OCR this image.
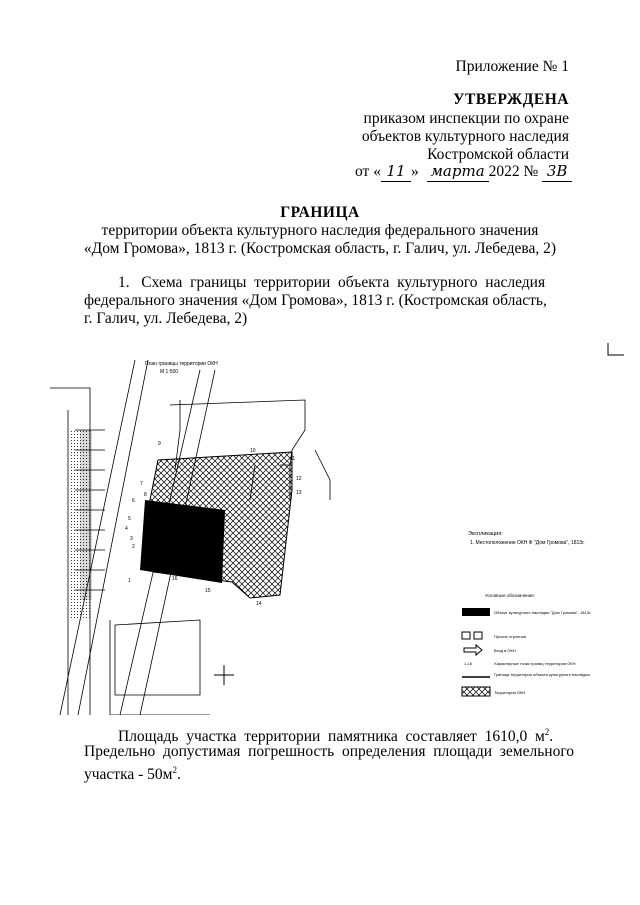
Приложение № 1
УТВЕРЖДЕНА
приказом инспекции по охране
объектов культурного наследия
Костромской области
от « 11 » марта 2022 № 3В
ГРАНИЦА
территории объекта культурного наследия федерального значения
«Дом Громова», 1813 г. (Костромская область, г. Галич, ул. Лебедева, 2)
1.   Схема  границы  территории  объекта  культурного  наследия
федерального значения «Дом Громова», 1813 г. (Костромская область,
г. Галич, ул. Лебедева, 2)
1
2
3
4
5
6
7
8
9
10
11
12
13
14
15
16
План границы территории ОКН
М 1:500
Экспликация:
1. Местоположение ОКН Ф "Дом Громова", 1813г.
Условные обозначения:
Объект культурного наследия "Дом Громова", 1813г.
Прочие строения
Вход в ОКН
1-16	Характерные точки границ территории ОКН
Граница территории объекта культурного наследия
Территория ОКН
Площадь  участка  территории  памятника  составляет  1610,0  $м^2$.
Предельно  допустимая  погрешность  определения  площади  земельного
участка - $50м^2$.
